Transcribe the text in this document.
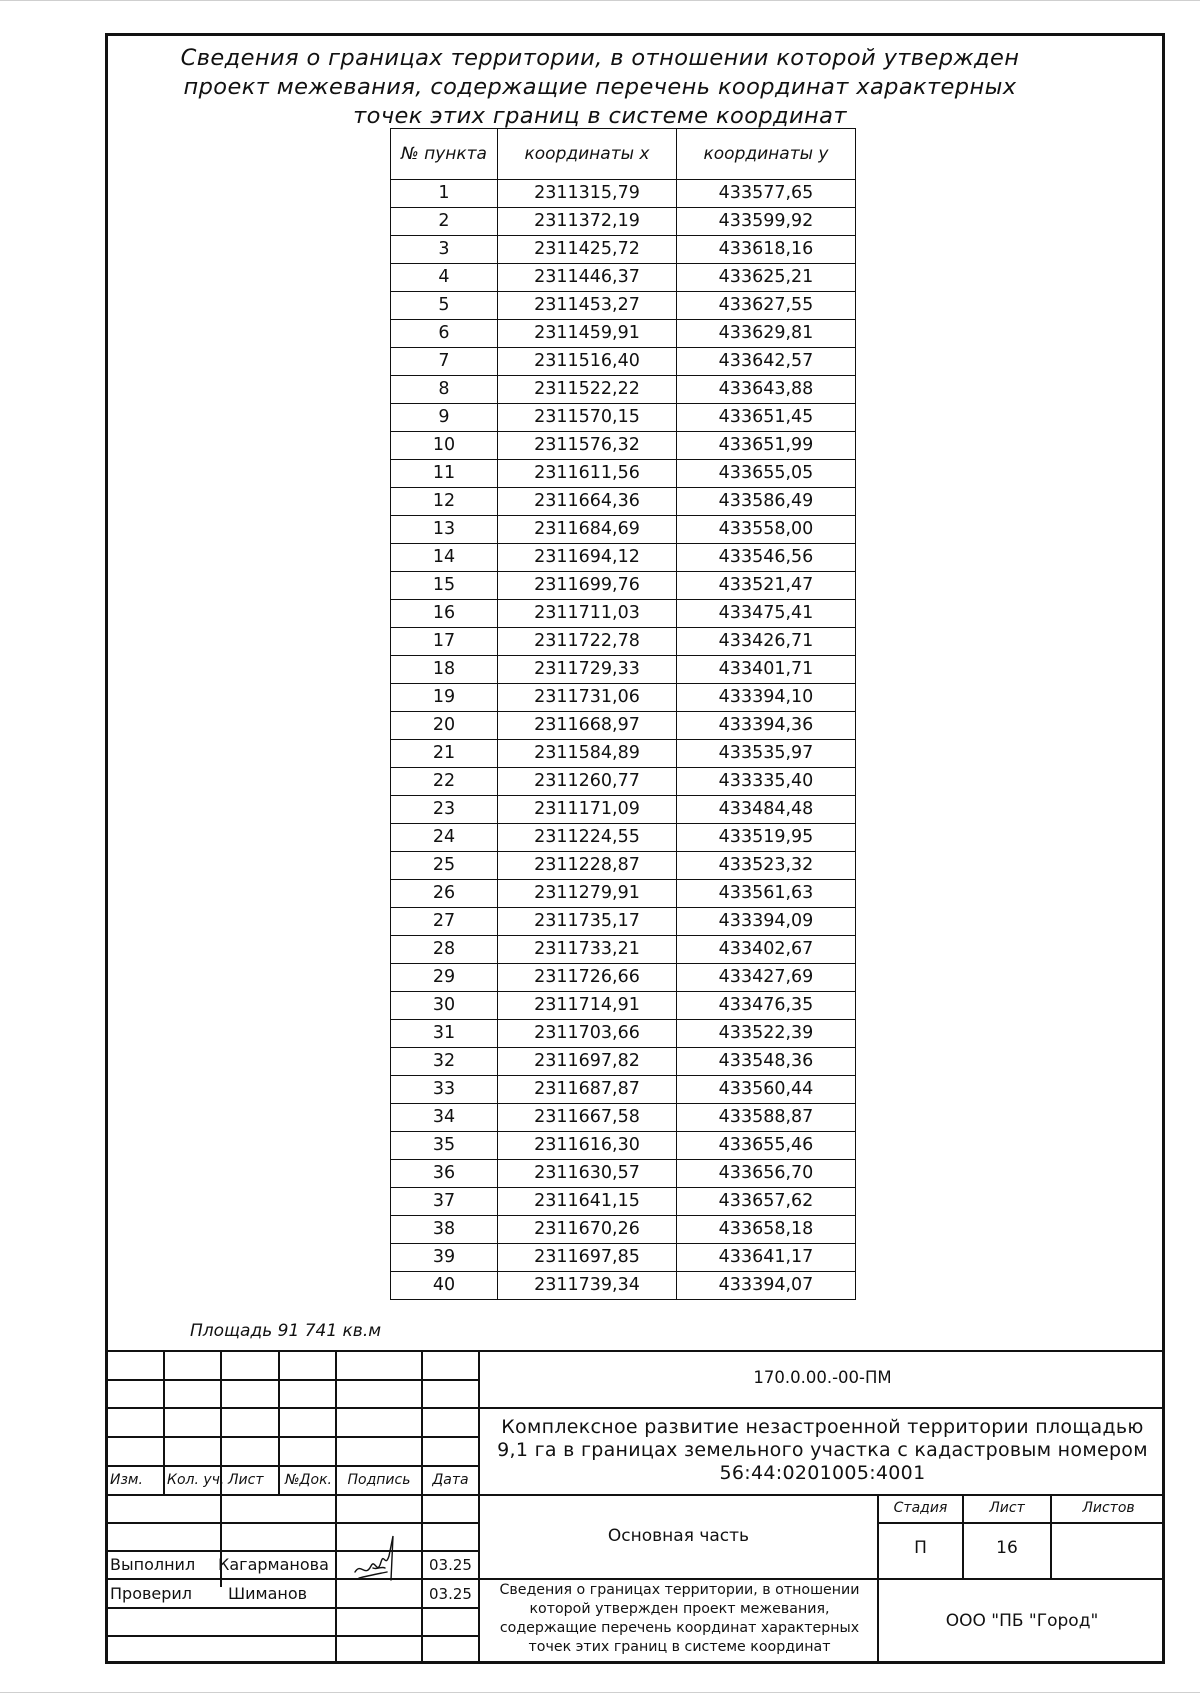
Сведения о границах территории, в отношении которой утвержден проект межевания, содержащие перечень координат характерных точек этих границ в системе координат

№ пункта	координаты x	координаты y
1	2311315,79	433577,65
2	2311372,19	433599,92
3	2311425,72	433618,16
4	2311446,37	433625,21
5	2311453,27	433627,55
6	2311459,91	433629,81
7	2311516,40	433642,57
8	2311522,22	433643,88
9	2311570,15	433651,45
10	2311576,32	433651,99
11	2311611,56	433655,05
12	2311664,36	433586,49
13	2311684,69	433558,00
14	2311694,12	433546,56
15	2311699,76	433521,47
16	2311711,03	433475,41
17	2311722,78	433426,71
18	2311729,33	433401,71
19	2311731,06	433394,10
20	2311668,97	433394,36
21	2311584,89	433535,97
22	2311260,77	433335,40
23	2311171,09	433484,48
24	2311224,55	433519,95
25	2311228,87	433523,32
26	2311279,91	433561,63
27	2311735,17	433394,09
28	2311733,21	433402,67
29	2311726,66	433427,69
30	2311714,91	433476,35
31	2311703,66	433522,39
32	2311697,82	433548,36
33	2311687,87	433560,44
34	2311667,58	433588,87
35	2311616,30	433655,46
36	2311630,57	433656,70
37	2311641,15	433657,62
38	2311670,26	433658,18
39	2311697,85	433641,17
40	2311739,34	433394,07

Площадь 91 741 кв.м

170.0.00.-00-ПМ
Комплексное развитие незастроенной территории площадью 9,1 га в границах земельного участка с кадастровым номером 56:44:0201005:4001
Изм. Кол. уч. Лист №Док.	Подпись	Дата
Основная часть
Стадия	Лист	Листов
П	16
Выполнил Кагарманова	03.25
Проверил Шиманов	03.25	Сведения о границах территории, в отношении которой утвержден проект межевания, содержащие перечень координат характерных точек этих границ в системе координат
ООО "ПБ "Город"
